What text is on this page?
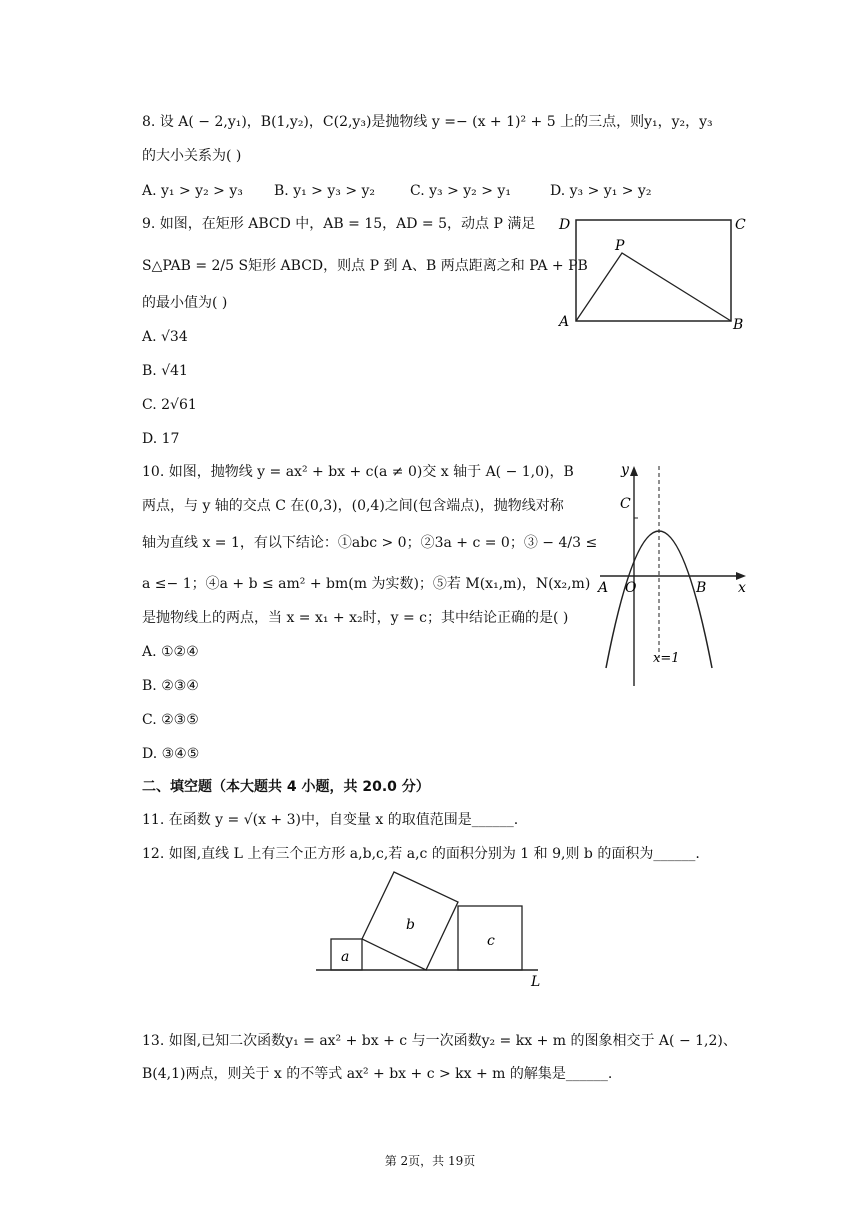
8. 设 A( − 2,y₁)，B(1,y₂)，C(2,y₃)是抛物线 y =− (x + 1)² + 5 上的三点，则y₁，y₂，y₃
的大小关系为( )
A. y₁ > y₂ > y₃ B. y₁ > y₃ > y₂ C. y₃ > y₂ > y₁	D. y₃ > y₁ > y₂
9. 如图，在矩形 ABCD 中，AB = 15，AD = 5，动点 P 满足
S△PAB = 2/5 S矩形 ABCD，则点 P 到 A、B 两点距离之和 PA + PB
的最小值为( )
A. √34
B. √41
C. 2√61
D. 17
D	C
P
A	B
10. 如图，抛物线 y = ax² + bx + c(a ≠ 0)交 x 轴于 A( − 1,0)，B
两点，与 y 轴的交点 C 在(0,3)，(0,4)之间(包含端点)，抛物线对称
轴为直线 x = 1，有以下结论：①abc > 0；②3a + c = 0；③ − 4/3 ≤
a ≤− 1；④a + b ≤ am² + bm(m 为实数)；⑤若 M(x₁,m)，N(x₂,m)
是抛物线上的两点，当 x = x₁ + x₂时，y = c；其中结论正确的是( )
A. ①②④
B. ②③④
C. ②③⑤
D. ③④⑤
y
C
A O	B x
x=1
二、填空题（本大题共 4 小题，共 20.0 分）
11. 在函数 y = √(x + 3)中，自变量 x 的取值范围是______.
12. 如图,直线 L 上有三个正方形 a,b,c,若 a,c 的面积分别为 1 和 9,则 b 的面积为______.
a
b
c
L
13. 如图,已知二次函数y₁ = ax² + bx + c 与一次函数y₂ = kx + m 的图象相交于 A( − 1,2)、
B(4,1)两点，则关于 x 的不等式 ax² + bx + c > kx + m 的解集是______.
第 2页，共 19页
